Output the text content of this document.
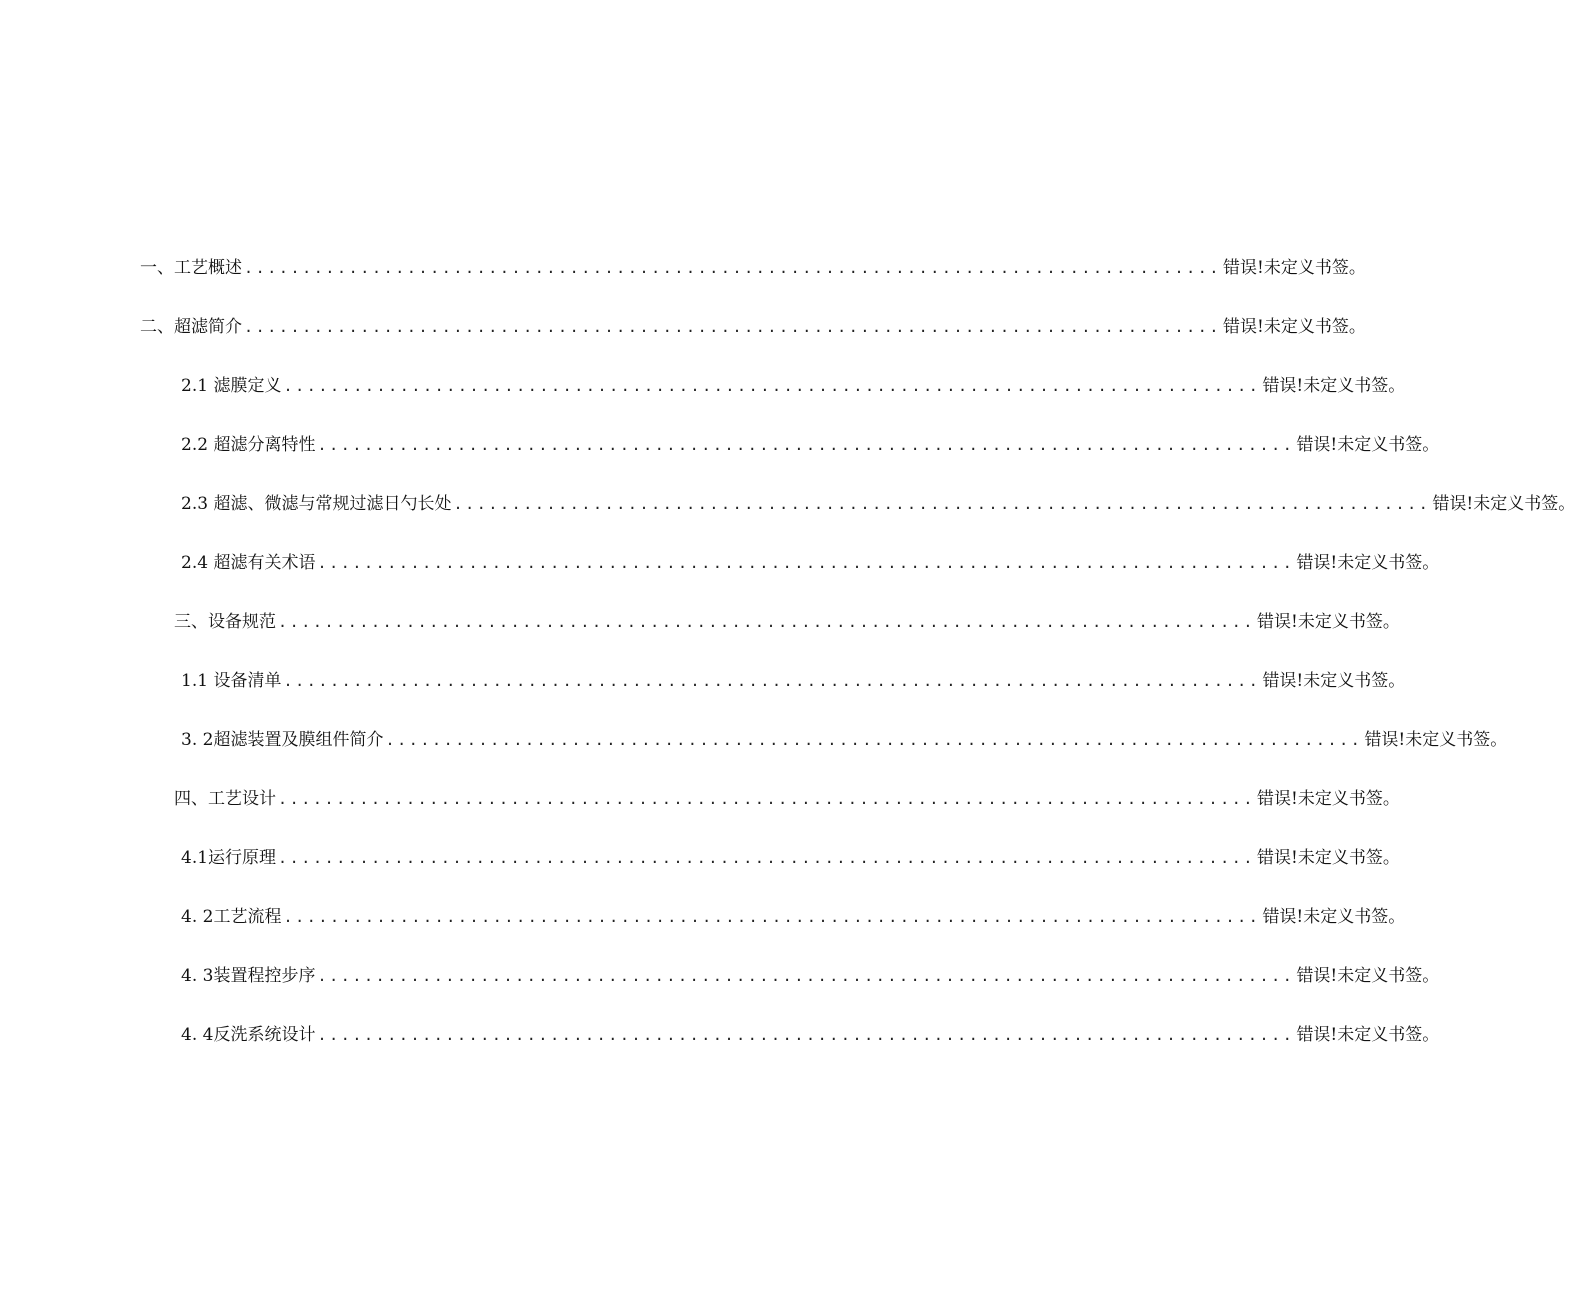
一、工艺概述 .................................................................................... 错误!未定义书签。
二、超滤简介 .................................................................................... 错误!未定义书签。
2.1 滤膜定义 .................................................................................... 错误!未定义书签。
2.2 超滤分离特性 .................................................................................... 错误!未定义书签。
2.3 超滤、微滤与常规过滤日勺长处 .................................................................................... 错误!未定义书签。
2.4 超滤有关术语 .................................................................................... 错误!未定义书签。
三、设备规范 .................................................................................... 错误!未定义书签。
1.1 设备清单 .................................................................................... 错误!未定义书签。
3. 2超滤装置及膜组件简介 .................................................................................... 错误!未定义书签。
四、工艺设计 .................................................................................... 错误!未定义书签。
4.1运行原理 .................................................................................... 错误!未定义书签。
4. 2工艺流程 .................................................................................... 错误!未定义书签。
4. 3装置程控步序 .................................................................................... 错误!未定义书签。
4. 4反洗系统设计 .................................................................................... 错误!未定义书签。
